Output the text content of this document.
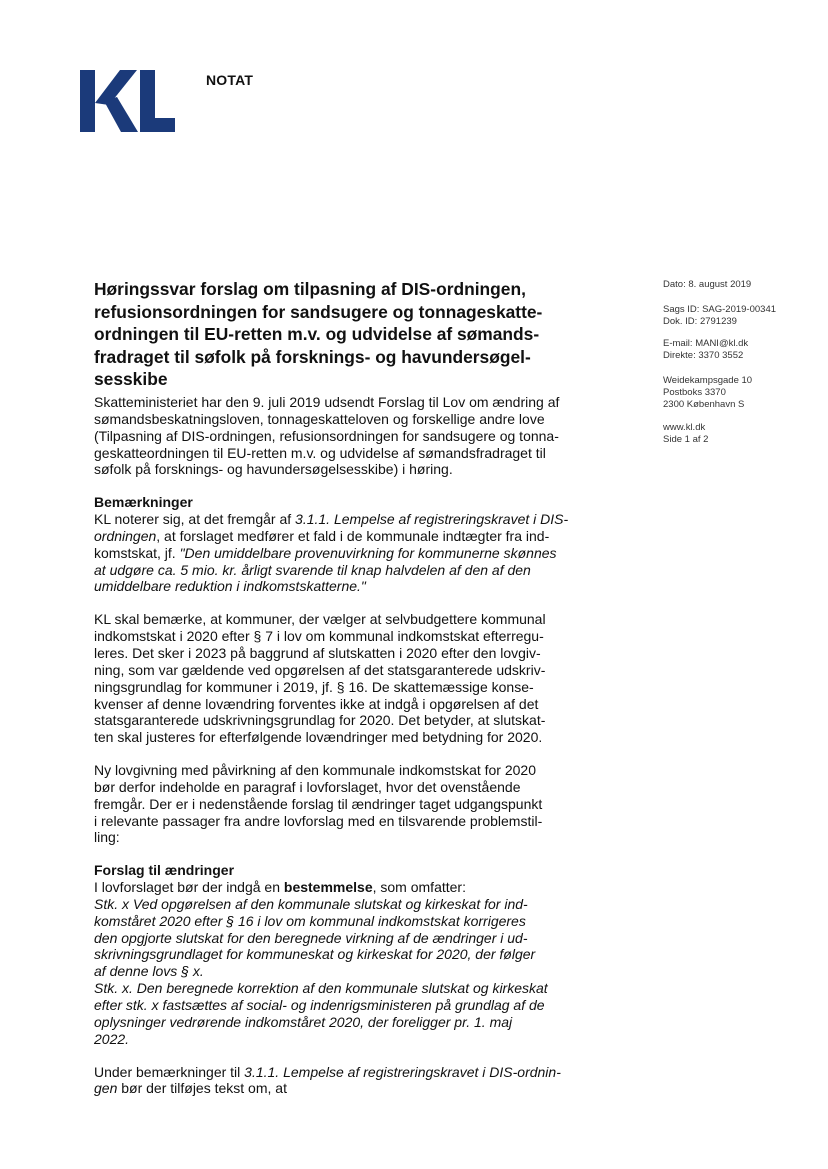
NOTAT
Høringssvar forslag om tilpasning af DIS-ordningen,
refusionsordningen for sandsugere og tonnageskatte-
ordningen til EU-retten m.v. og udvidelse af sømands-
fradraget til søfolk på forsknings- og havundersøgel-
sesskibe
Dato: 8. august 2019
Sags ID: SAG-2019-00341
Dok. ID: 2791239
E-mail: MANI@kl.dk
Direkte: 3370 3552
Weidekampsgade 10
Postboks 3370
2300 København S
www.kl.dk
Side 1 af 2

Skatteministeriet har den 9. juli 2019 udsendt Forslag til Lov om ændring af
sømandsbeskatningsloven, tonnageskatteloven og forskellige andre love
(Tilpasning af DIS-ordningen, refusionsordningen for sandsugere og tonna-
geskatteordningen til EU-retten m.v. og udvidelse af sømandsfradraget til
søfolk på forsknings- og havundersøgelsesskibe) i høring.

Bemærkninger
KL noterer sig, at det fremgår af 3.1.1. Lempelse af registreringskravet i DIS-
ordningen, at forslaget medfører et fald i de kommunale indtægter fra ind-
komstskat, jf. "Den umiddelbare provenuvirkning for kommunerne skønnes
at udgøre ca. 5 mio. kr. årligt svarende til knap halvdelen af den af den
umiddelbare reduktion i indkomstskatterne."

KL skal bemærke, at kommuner, der vælger at selvbudgettere kommunal
indkomstskat i 2020 efter § 7 i lov om kommunal indkomstskat efterregu-
leres. Det sker i 2023 på baggrund af slutskatten i 2020 efter den lovgiv-
ning, som var gældende ved opgørelsen af det statsgaranterede udskriv-
ningsgrundlag for kommuner i 2019, jf. § 16. De skattemæssige konse-
kvenser af denne lovændring forventes ikke at indgå i opgørelsen af det
statsgaranterede udskrivningsgrundlag for 2020. Det betyder, at slutskat-
ten skal justeres for efterfølgende lovændringer med betydning for 2020.

Ny lovgivning med påvirkning af den kommunale indkomstskat for 2020
bør derfor indeholde en paragraf i lovforslaget, hvor det ovenstående
fremgår. Der er i nedenstående forslag til ændringer taget udgangspunkt
i relevante passager fra andre lovforslag med en tilsvarende problemstil-
ling:

Forslag til ændringer
I lovforslaget bør der indgå en bestemmelse, som omfatter:
Stk. x Ved opgørelsen af den kommunale slutskat og kirkeskat for ind-
komståret 2020 efter § 16 i lov om kommunal indkomstskat korrigeres
den opgjorte slutskat for den beregnede virkning af de ændringer i ud-
skrivningsgrundlaget for kommuneskat og kirkeskat for 2020, der følger
af denne lovs § x.
Stk. x. Den beregnede korrektion af den kommunale slutskat og kirkeskat
efter stk. x fastsættes af social- og indenrigsministeren på grundlag af de
oplysninger vedrørende indkomståret 2020, der foreligger pr. 1. maj
2022.

Under bemærkninger til 3.1.1. Lempelse af registreringskravet i DIS-ordnin-
gen bør der tilføjes tekst om, at
